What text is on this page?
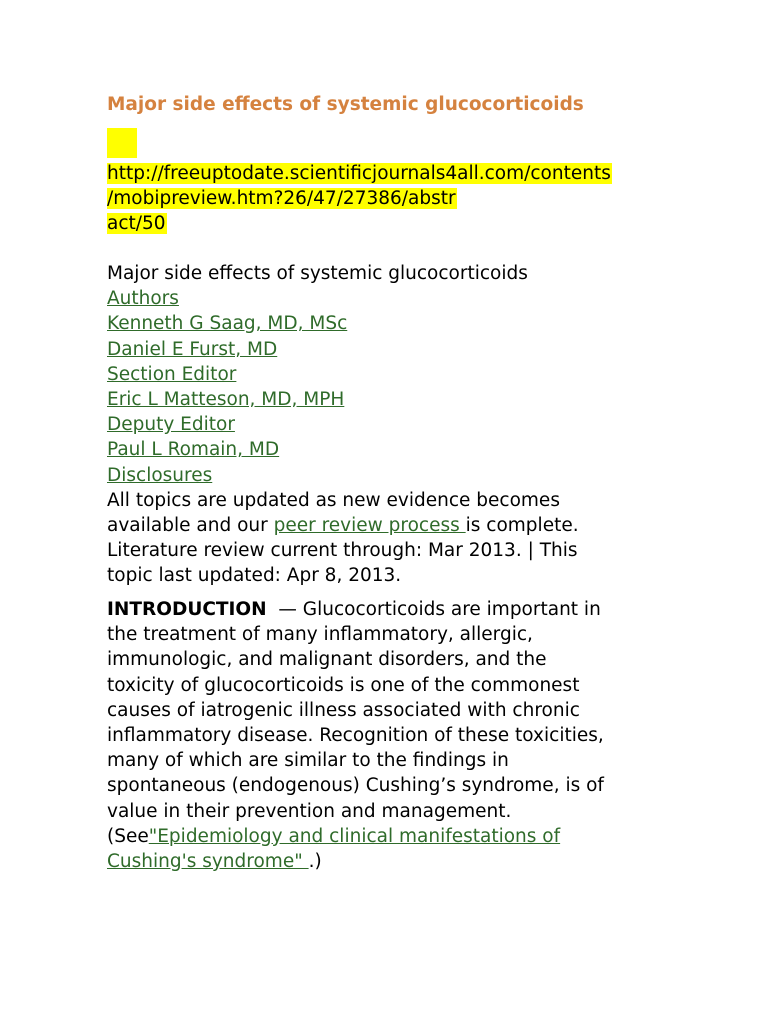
Major side effects of systemic glucocorticoids
http://freeuptodate.scientificjournals4all.com/contents
/mobipreview.htm?26/47/27386/abstr
act/50
Major side effects of systemic glucocorticoids
Authors
Kenneth G Saag, MD, MSc
Daniel E Furst, MD
Section Editor
Eric L Matteson, MD, MPH
Deputy Editor
Paul L Romain, MD
Disclosures
All topics are updated as new evidence becomes
available and our peer review process is complete.
Literature review current through: Mar 2013. | This
topic last updated: Apr 8, 2013.
INTRODUCTION  — Glucocorticoids are important in
the treatment of many inflammatory, allergic,
immunologic, and malignant disorders, and the
toxicity of glucocorticoids is one of the commonest
causes of iatrogenic illness associated with chronic
inflammatory disease. Recognition of these toxicities,
many of which are similar to the findings in
spontaneous (endogenous) Cushing’s syndrome, is of
value in their prevention and management.
(See"Epidemiology and clinical manifestations of
Cushing's syndrome" .)
